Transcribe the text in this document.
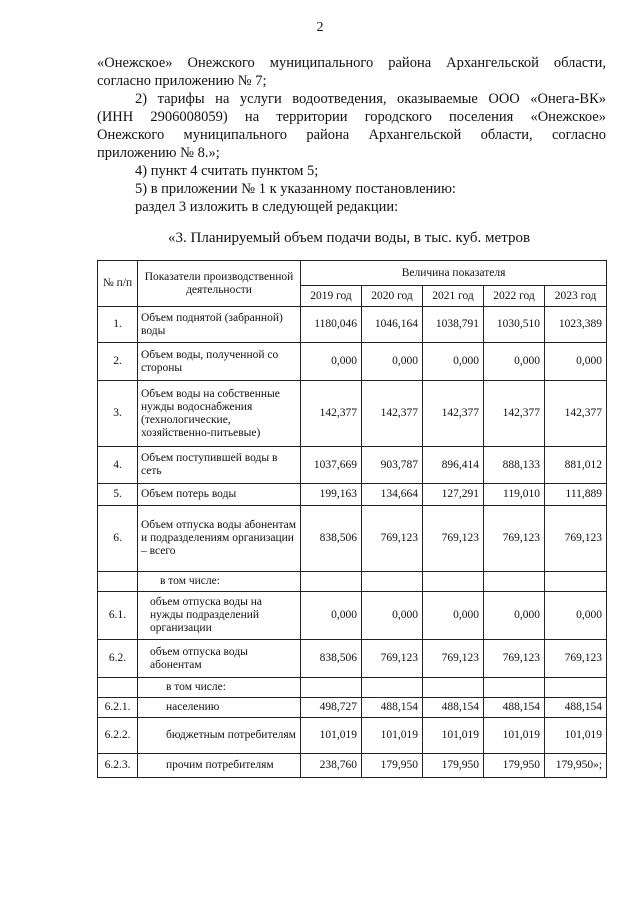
2
«Онежское» Онежского муниципального района Архангельской области,
согласно приложению № 7;
2) тарифы на услуги водоотведения, оказываемые ООО «Онега-ВК»
(ИНН 2906008059) на территории городского поселения «Онежское»
Онежского муниципального района Архангельской области, согласно
приложению № 8.»;
4) пункт 4 считать пунктом 5;
5) в приложении № 1 к указанному постановлению:
раздел 3 изложить в следующей редакции:
«3. Планируемый объем подачи воды, в тыс. куб. метров
№ п/п	Показатели производственной деятельности	Величина показателя				
		2019 год	2020 год	2021 год	2022 год	2023 год
1.	Объем поднятой (забранной) воды	1180,046	1046,164	1038,791	1030,510	1023,389
2.	Объем воды, полученной со стороны	0,000	0,000	0,000	0,000	0,000
3.	Объем воды на собственные нужды водоснабжения (технологические, хозяйственно-питьевые)	142,377	142,377	142,377	142,377	142,377
4.	Объем поступившей воды в сеть	1037,669	903,787	896,414	888,133	881,012
5.	Объем потерь воды	199,163	134,664	127,291	119,010	111,889
6.	Объем отпуска воды абонентам и подразделениям организации – всего	838,506	769,123	769,123	769,123	769,123
	в том числе:					
6.1.	объем отпуска воды на нужды подразделений организации	0,000	0,000	0,000	0,000	0,000
6.2.	объем отпуска воды абонентам	838,506	769,123	769,123	769,123	769,123
	в том числе:					
6.2.1.	населению	498,727	488,154	488,154	488,154	488,154
6.2.2.	бюджетным потребителям	101,019	101,019	101,019	101,019	101,019
6.2.3.	прочим потребителям	238,760	179,950	179,950	179,950	179,950»;
